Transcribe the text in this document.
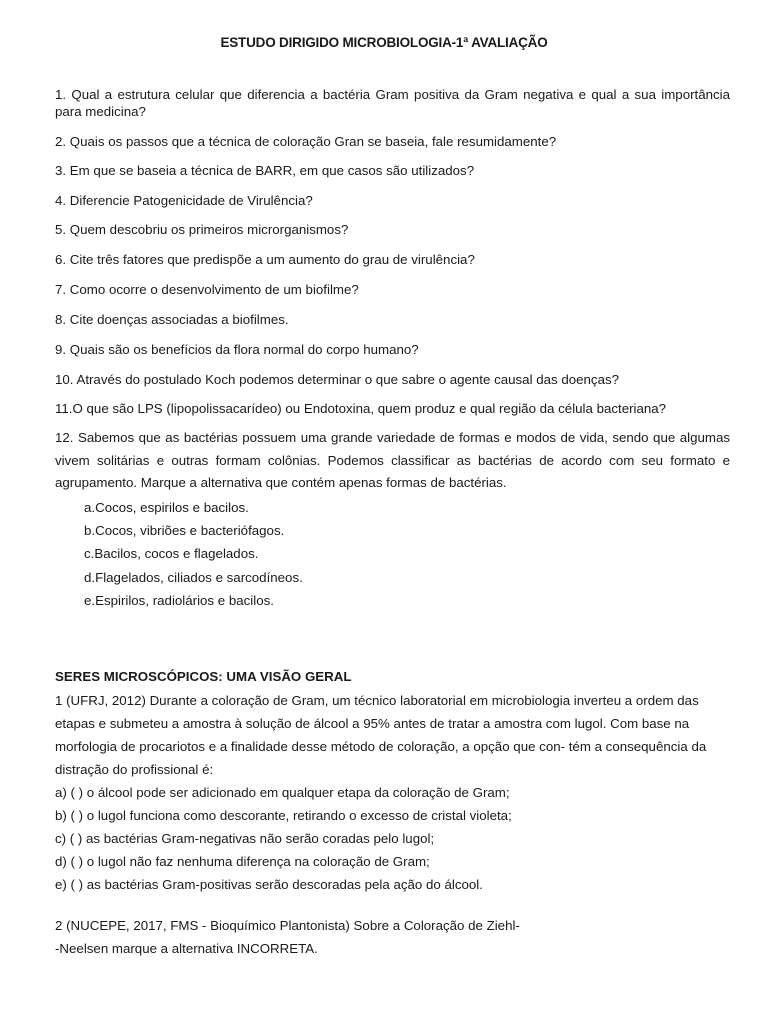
ESTUDO DIRIGIDO MICROBIOLOGIA-1ª AVALIAÇÃO

1. Qual a estrutura celular que diferencia a bactéria Gram positiva da Gram negativa e qual a sua importância para medicina?

2. Quais os passos que a técnica de coloração Gran se baseia, fale resumidamente?

3. Em que se baseia a técnica de BARR, em que casos são utilizados?

4. Diferencie Patogenicidade de Virulência?

5. Quem descobriu os primeiros microrganismos?

6. Cite três fatores que predispõe a um aumento do grau de virulência?

7. Como ocorre o desenvolvimento de um biofilme?

8. Cite doenças associadas a biofilmes.

9. Quais são os benefícios da flora normal do corpo humano?

10. Através do postulado Koch podemos determinar o que sabre o agente causal das doenças?

11.O que são LPS (lipopolissacarídeo) ou Endotoxina, quem produz e qual região da célula bacteriana?

12. Sabemos que as bactérias possuem uma grande variedade de formas e modos de vida, sendo que algumas vivem solitárias e outras formam colônias. Podemos classificar as bactérias de acordo com seu formato e agrupamento. Marque a alternativa que contém apenas formas de bactérias.

a.Cocos, espirilos e bacilos.
b.Cocos, vibriões e bacteriófagos.
c.Bacilos, cocos e flagelados.
d.Flagelados, ciliados e sarcodíneos.
e.Espirilos, radiolários e bacilos.
SERES MICROSCÓPICOS: UMA VISÃO GERAL

1 (UFRJ, 2012) Durante a coloração de Gram, um técnico laboratorial em microbiologia inverteu a ordem das etapas e submeteu a amostra à solução de álcool a 95% antes de tratar a amostra com lugol. Com base na morfologia de procariotos e a finalidade desse método de coloração, a opção que con- tém a consequência da distração do profissional é:

a) ( ) o álcool pode ser adicionado em qualquer etapa da coloração de Gram;
b) ( ) o lugol funciona como descorante, retirando o excesso de cristal violeta;
c) ( ) as bactérias Gram-negativas não serão coradas pelo lugol;
d) ( ) o lugol não faz nenhuma diferença na coloração de Gram;
e) ( ) as bactérias Gram-positivas serão descoradas pela ação do álcool.
2 (NUCEPE, 2017, FMS - Bioquímico Plantonista) Sobre a Coloração de Ziehl-
-Neelsen marque a alternativa INCORRETA.
